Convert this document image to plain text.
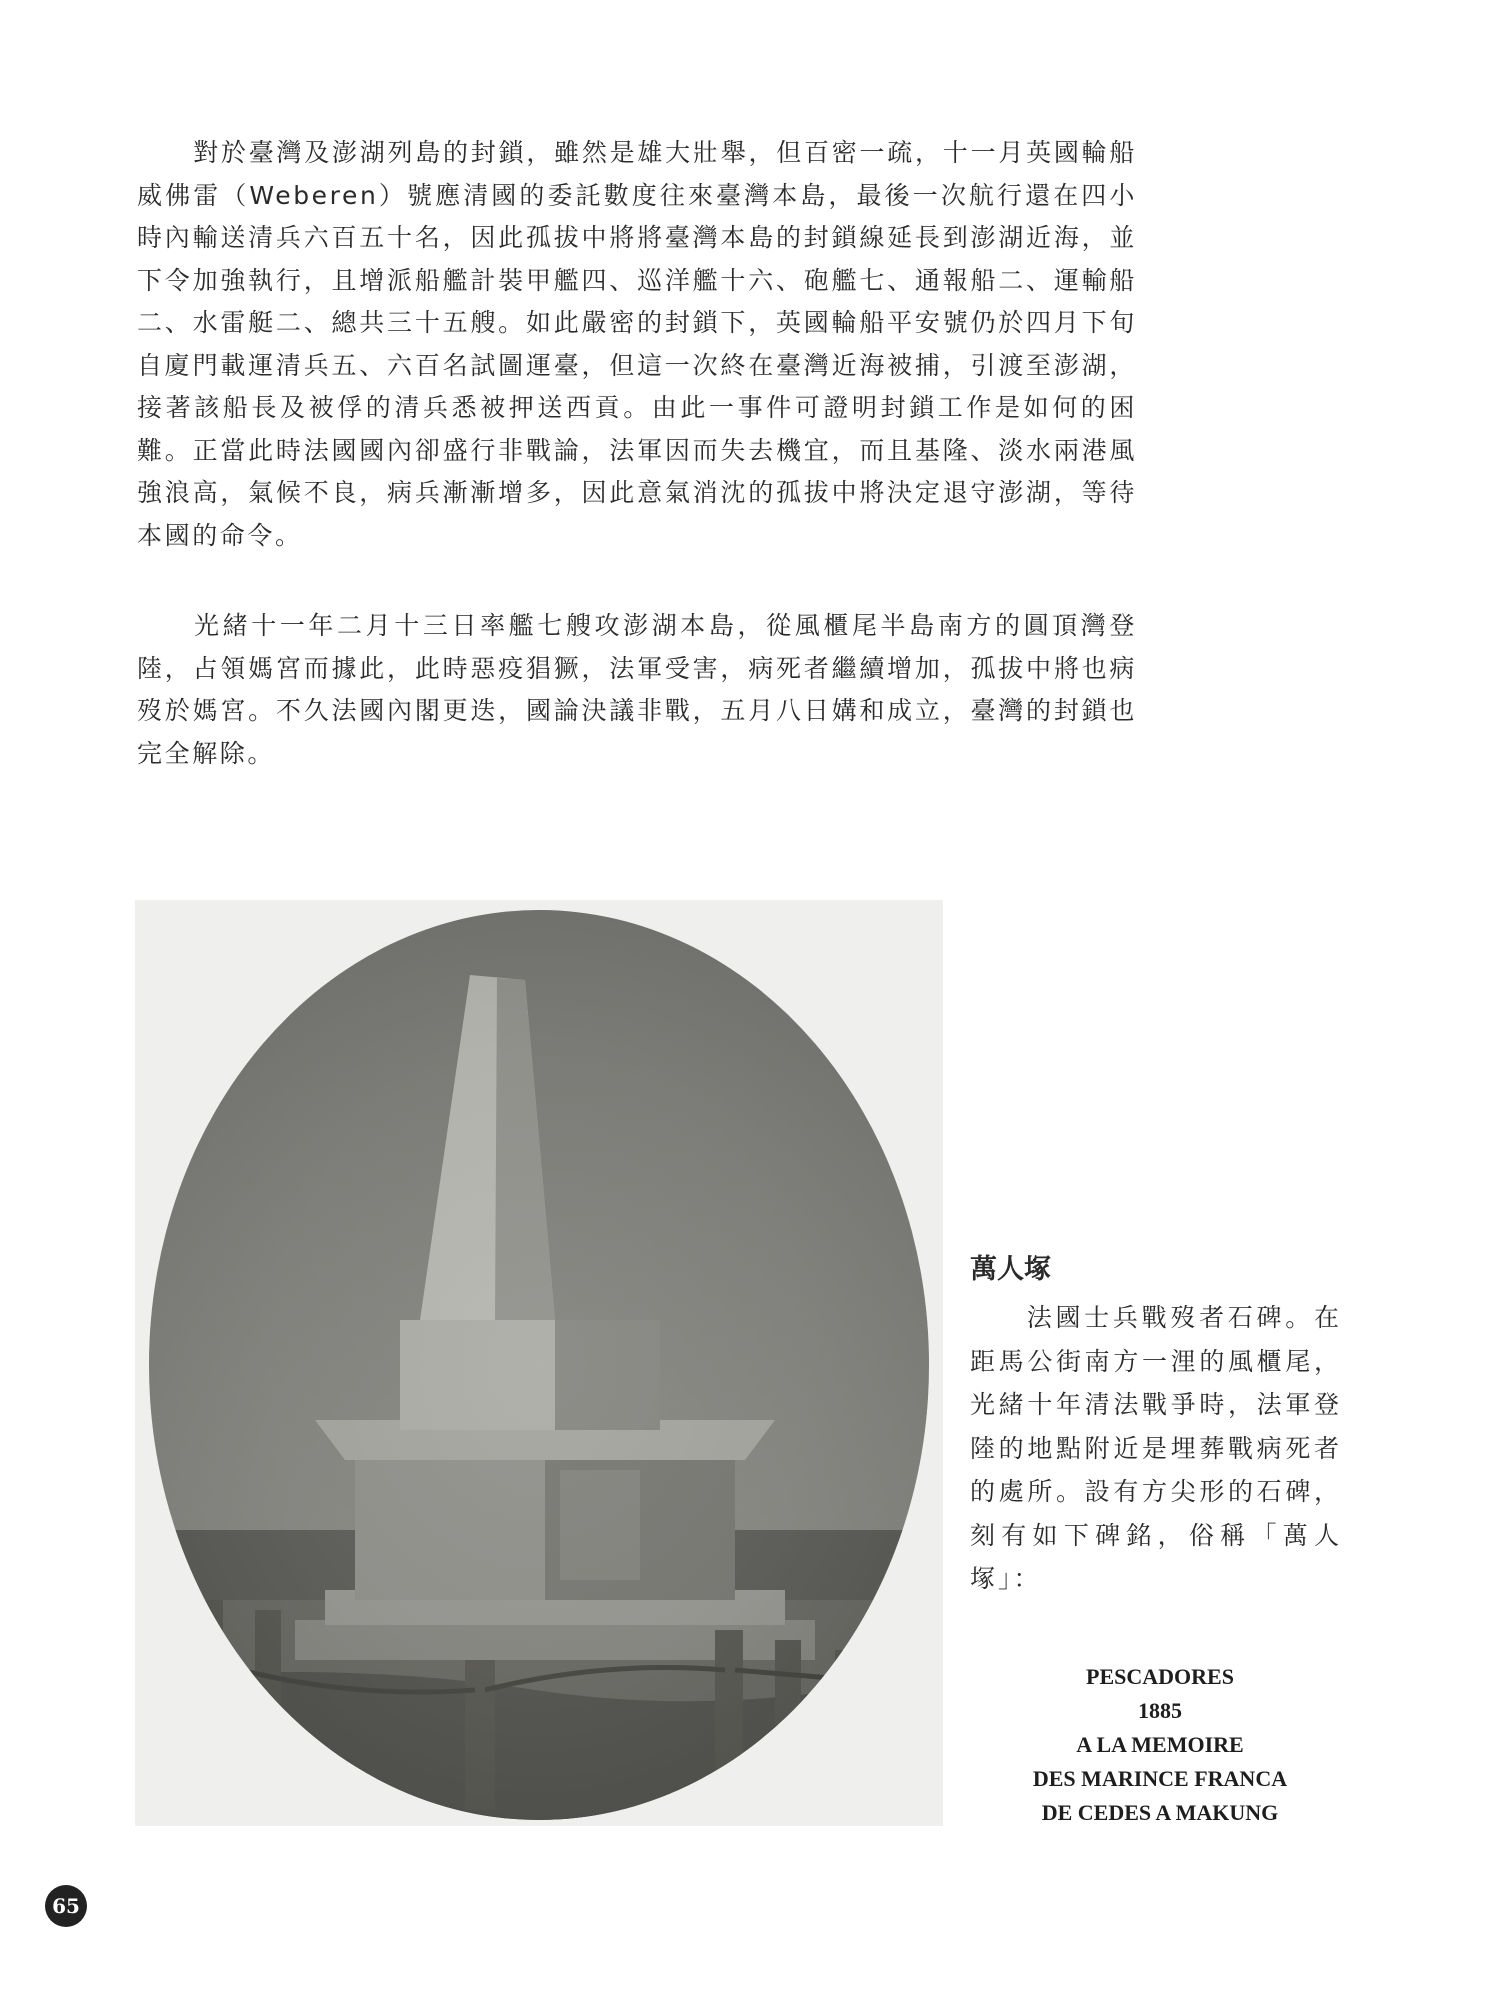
對於臺灣及澎湖列島的封鎖，雖然是雄大壯舉，但百密一疏，十一月英國輪船威佛雷（Weberen）號應清國的委託數度往來臺灣本島，最後一次航行還在四小時內輸送清兵六百五十名，因此孤拔中將將臺灣本島的封鎖線延長到澎湖近海，並下令加強執行，且增派船艦計裝甲艦四、巡洋艦十六、砲艦七、通報船二、運輸船二、水雷艇二、總共三十五艘。如此嚴密的封鎖下，英國輪船平安號仍於四月下旬自廈門載運清兵五、六百名試圖運臺，但這一次終在臺灣近海被捕，引渡至澎湖，接著該船長及被俘的清兵悉被押送西貢。由此一事件可證明封鎖工作是如何的困難。正當此時法國國內卻盛行非戰論，法軍因而失去機宜，而且基隆、淡水兩港風強浪高，氣候不良，病兵漸漸增多，因此意氣消沈的孤拔中將決定退守澎湖，等待本國的命令。

光緒十一年二月十三日率艦七艘攻澎湖本島，從風櫃尾半島南方的圓頂灣登陸，占領媽宮而據此，此時惡疫猖獗，法軍受害，病死者繼續增加，孤拔中將也病歿於媽宮。不久法國內閣更迭，國論決議非戰，五月八日媾和成立，臺灣的封鎖也完全解除。

萬人塚

法國士兵戰歿者石碑。在距馬公街南方一浬的風櫃尾，光緒十年清法戰爭時，法軍登陸的地點附近是埋葬戰病死者的處所。設有方尖形的石碑，刻有如下碑銘，俗稱「萬人塚」：

PESCADORES
1885
A LA MEMOIRE
DES MARINCE FRANCA
DE CEDES A MAKUNG
65
